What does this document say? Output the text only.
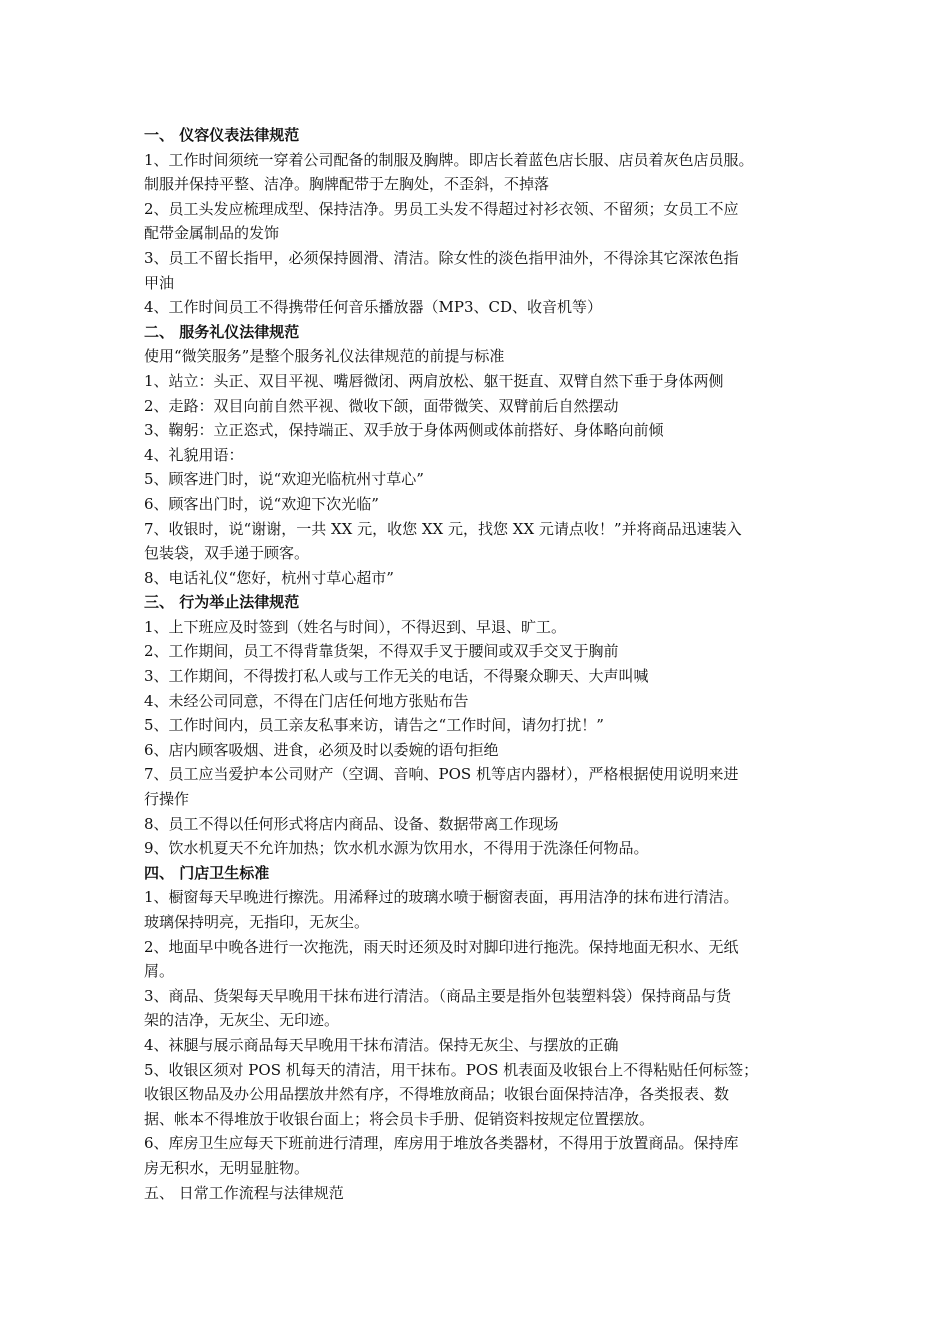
一、 仪容仪表法律规范

1、工作时间须统一穿着公司配备的制服及胸牌。即店长着蓝色店长服、店员着灰色店员服。

制服并保持平整、洁净。胸牌配带于左胸处，不歪斜，不掉落

2、员工头发应梳理成型、保持洁净。男员工头发不得超过衬衫衣领、不留须；女员工不应

配带金属制品的发饰

3、员工不留长指甲，必须保持圆滑、清洁。除女性的淡色指甲油外，不得涂其它深浓色指

甲油

4、工作时间员工不得携带任何音乐播放器（MP3、CD、收音机等）

二、 服务礼仪法律规范

使用“微笑服务”是整个服务礼仪法律规范的前提与标准

1、站立：头正、双目平视、嘴唇微闭、两肩放松、躯干挺直、双臂自然下垂于身体两侧

2、走路：双目向前自然平视、微收下颌，面带微笑、双臂前后自然摆动

3、鞠躬：立正恣式，保持端正、双手放于身体两侧或体前搭好、身体略向前倾

4、礼貌用语：

5、顾客进门时，说“欢迎光临杭州寸草心”

6、顾客出门时，说“欢迎下次光临”

7、收银时，说“谢谢，一共 XX 元，收您 XX 元，找您 XX 元请点收！”并将商品迅速装入

包装袋，双手递于顾客。

8、电话礼仪“您好，杭州寸草心超市”

三、 行为举止法律规范

1、上下班应及时签到（姓名与时间），不得迟到、早退、旷工。

2、工作期间，员工不得背靠货架，不得双手叉于腰间或双手交叉于胸前

3、工作期间，不得拨打私人或与工作无关的电话，不得聚众聊天、大声叫喊

4、未经公司同意，不得在门店任何地方张贴布告

5、工作时间内，员工亲友私事来访，请告之“工作时间，请勿打扰！”

6、店内顾客吸烟、进食，必须及时以委婉的语句拒绝

7、员工应当爱护本公司财产（空调、音响、POS 机等店内器材），严格根据使用说明来进

行操作

8、员工不得以任何形式将店内商品、设备、数据带离工作现场

9、饮水机夏天不允许加热；饮水机水源为饮用水，不得用于洗涤任何物品。

四、 门店卫生标准

1、橱窗每天早晚进行擦洗。用浠释过的玻璃水喷于橱窗表面，再用洁净的抹布进行清洁。

玻璃保持明亮，无指印，无灰尘。

2、地面早中晚各进行一次拖洗，雨天时还须及时对脚印进行拖洗。保持地面无积水、无纸

屑。

3、商品、货架每天早晚用干抹布进行清洁。（商品主要是指外包装塑料袋）保持商品与货

架的洁净，无灰尘、无印迹。

4、袜腿与展示商品每天早晚用干抹布清洁。保持无灰尘、与摆放的正确

5、收银区须对 POS 机每天的清洁，用干抹布。POS 机表面及收银台上不得粘贴任何标签；

收银区物品及办公用品摆放井然有序，不得堆放商品；收银台面保持洁净，各类报表、数

据、帐本不得堆放于收银台面上；将会员卡手册、促销资料按规定位置摆放。

6、库房卫生应每天下班前进行清理，库房用于堆放各类器材，不得用于放置商品。保持库

房无积水，无明显脏物。

五、 日常工作流程与法律规范
